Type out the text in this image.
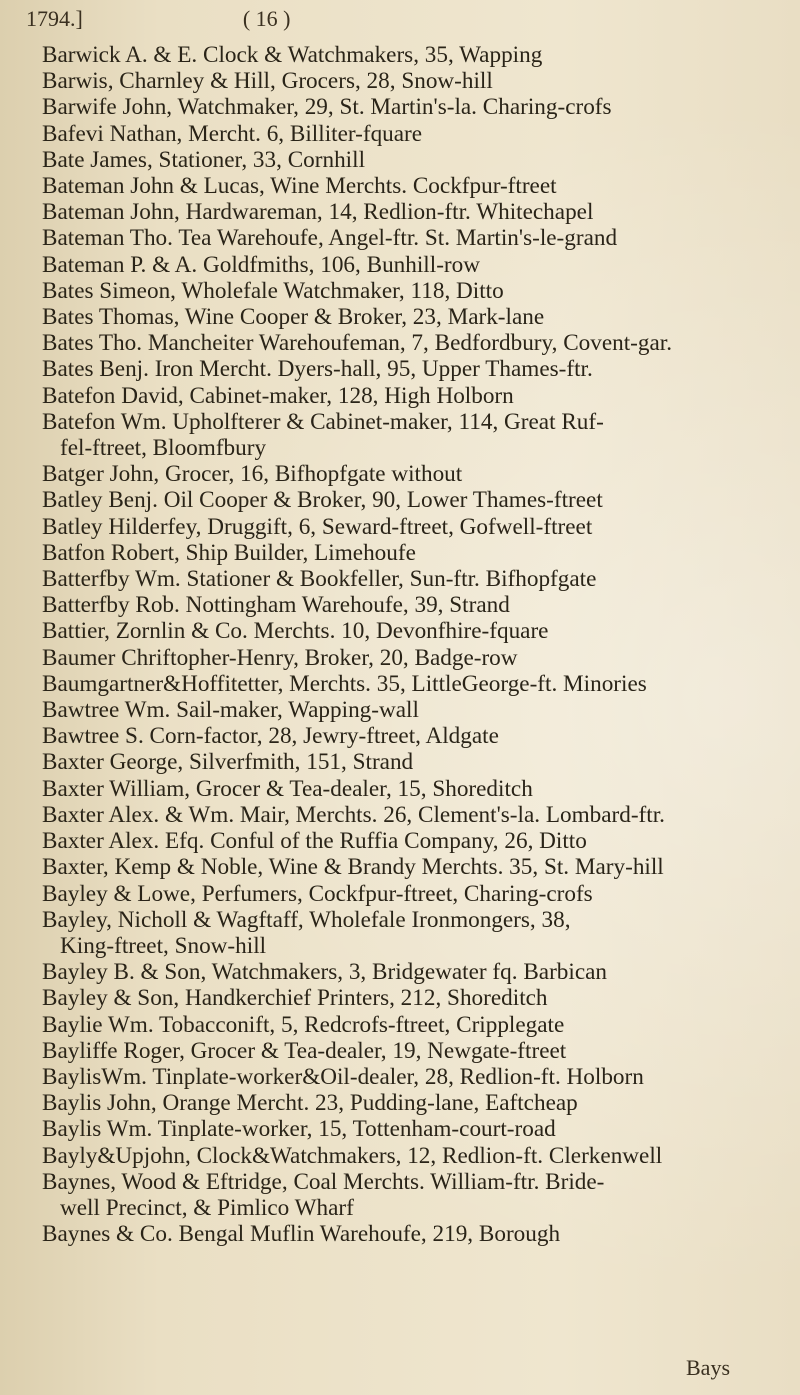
1794.]	( 16 )
Barwick A. & E. Clock & Watchmakers, 35, Wapping
Barwis, Charnley & Hill, Grocers, 28, Snow-hill
Barwife John, Watchmaker, 29, St. Martin's-la. Charing-crofs
Bafevi Nathan, Mercht. 6, Billiter-fquare
Bate James, Stationer, 33, Cornhill
Bateman John & Lucas, Wine Merchts. Cockfpur-ftreet
Bateman John, Hardwareman, 14, Redlion-ftr. Whitechapel
Bateman Tho. Tea Warehoufe, Angel-ftr. St. Martin's-le-grand
Bateman P. & A. Goldfmiths, 106, Bunhill-row
Bates Simeon, Wholefale Watchmaker, 118, Ditto
Bates Thomas, Wine Cooper & Broker, 23, Mark-lane
Bates Tho. Mancheiter Warehoufeman, 7, Bedfordbury, Covent-gar.
Bates Benj. Iron Mercht. Dyers-hall, 95, Upper Thames-ftr.
Batefon David, Cabinet-maker, 128, High Holborn
Batefon Wm. Upholfterer & Cabinet-maker, 114, Great Ruf-
fel-ftreet, Bloomfbury
Batger John, Grocer, 16, Bifhopfgate without
Batley Benj. Oil Cooper & Broker, 90, Lower Thames-ftreet
Batley Hilderfey, Druggift, 6, Seward-ftreet, Gofwell-ftreet
Batfon Robert, Ship Builder, Limehoufe
Batterfby Wm. Stationer & Bookfeller, Sun-ftr. Bifhopfgate
Batterfby Rob. Nottingham Warehoufe, 39, Strand
Battier, Zornlin & Co. Merchts. 10, Devonfhire-fquare
Baumer Chriftopher-Henry, Broker, 20, Badge-row
Baumgartner&Hoffitetter, Merchts. 35, LittleGeorge-ft. Minories
Bawtree Wm. Sail-maker, Wapping-wall
Bawtree S. Corn-factor, 28, Jewry-ftreet, Aldgate
Baxter George, Silverfmith, 151, Strand
Baxter William, Grocer & Tea-dealer, 15, Shoreditch
Baxter Alex. & Wm. Mair, Merchts. 26, Clement's-la. Lombard-ftr.
Baxter Alex. Efq. Conful of the Ruffia Company, 26, Ditto
Baxter, Kemp & Noble, Wine & Brandy Merchts. 35, St. Mary-hill
Bayley & Lowe, Perfumers, Cockfpur-ftreet, Charing-crofs
Bayley, Nicholl & Wagftaff, Wholefale Ironmongers, 38,
King-ftreet, Snow-hill
Bayley B. & Son, Watchmakers, 3, Bridgewater fq. Barbican
Bayley & Son, Handkerchief Printers, 212, Shoreditch
Baylie Wm. Tobacconift, 5, Redcrofs-ftreet, Cripplegate
Bayliffe Roger, Grocer & Tea-dealer, 19, Newgate-ftreet
BaylisWm. Tinplate-worker&Oil-dealer, 28, Redlion-ft. Holborn
Baylis John, Orange Mercht. 23, Pudding-lane, Eaftcheap
Baylis Wm. Tinplate-worker, 15, Tottenham-court-road
Bayly&Upjohn, Clock&Watchmakers, 12, Redlion-ft. Clerkenwell
Baynes, Wood & Eftridge, Coal Merchts. William-ftr. Bride-
well Precinct, & Pimlico Wharf
Baynes & Co. Bengal Muflin Warehoufe, 219, Borough
Bays
